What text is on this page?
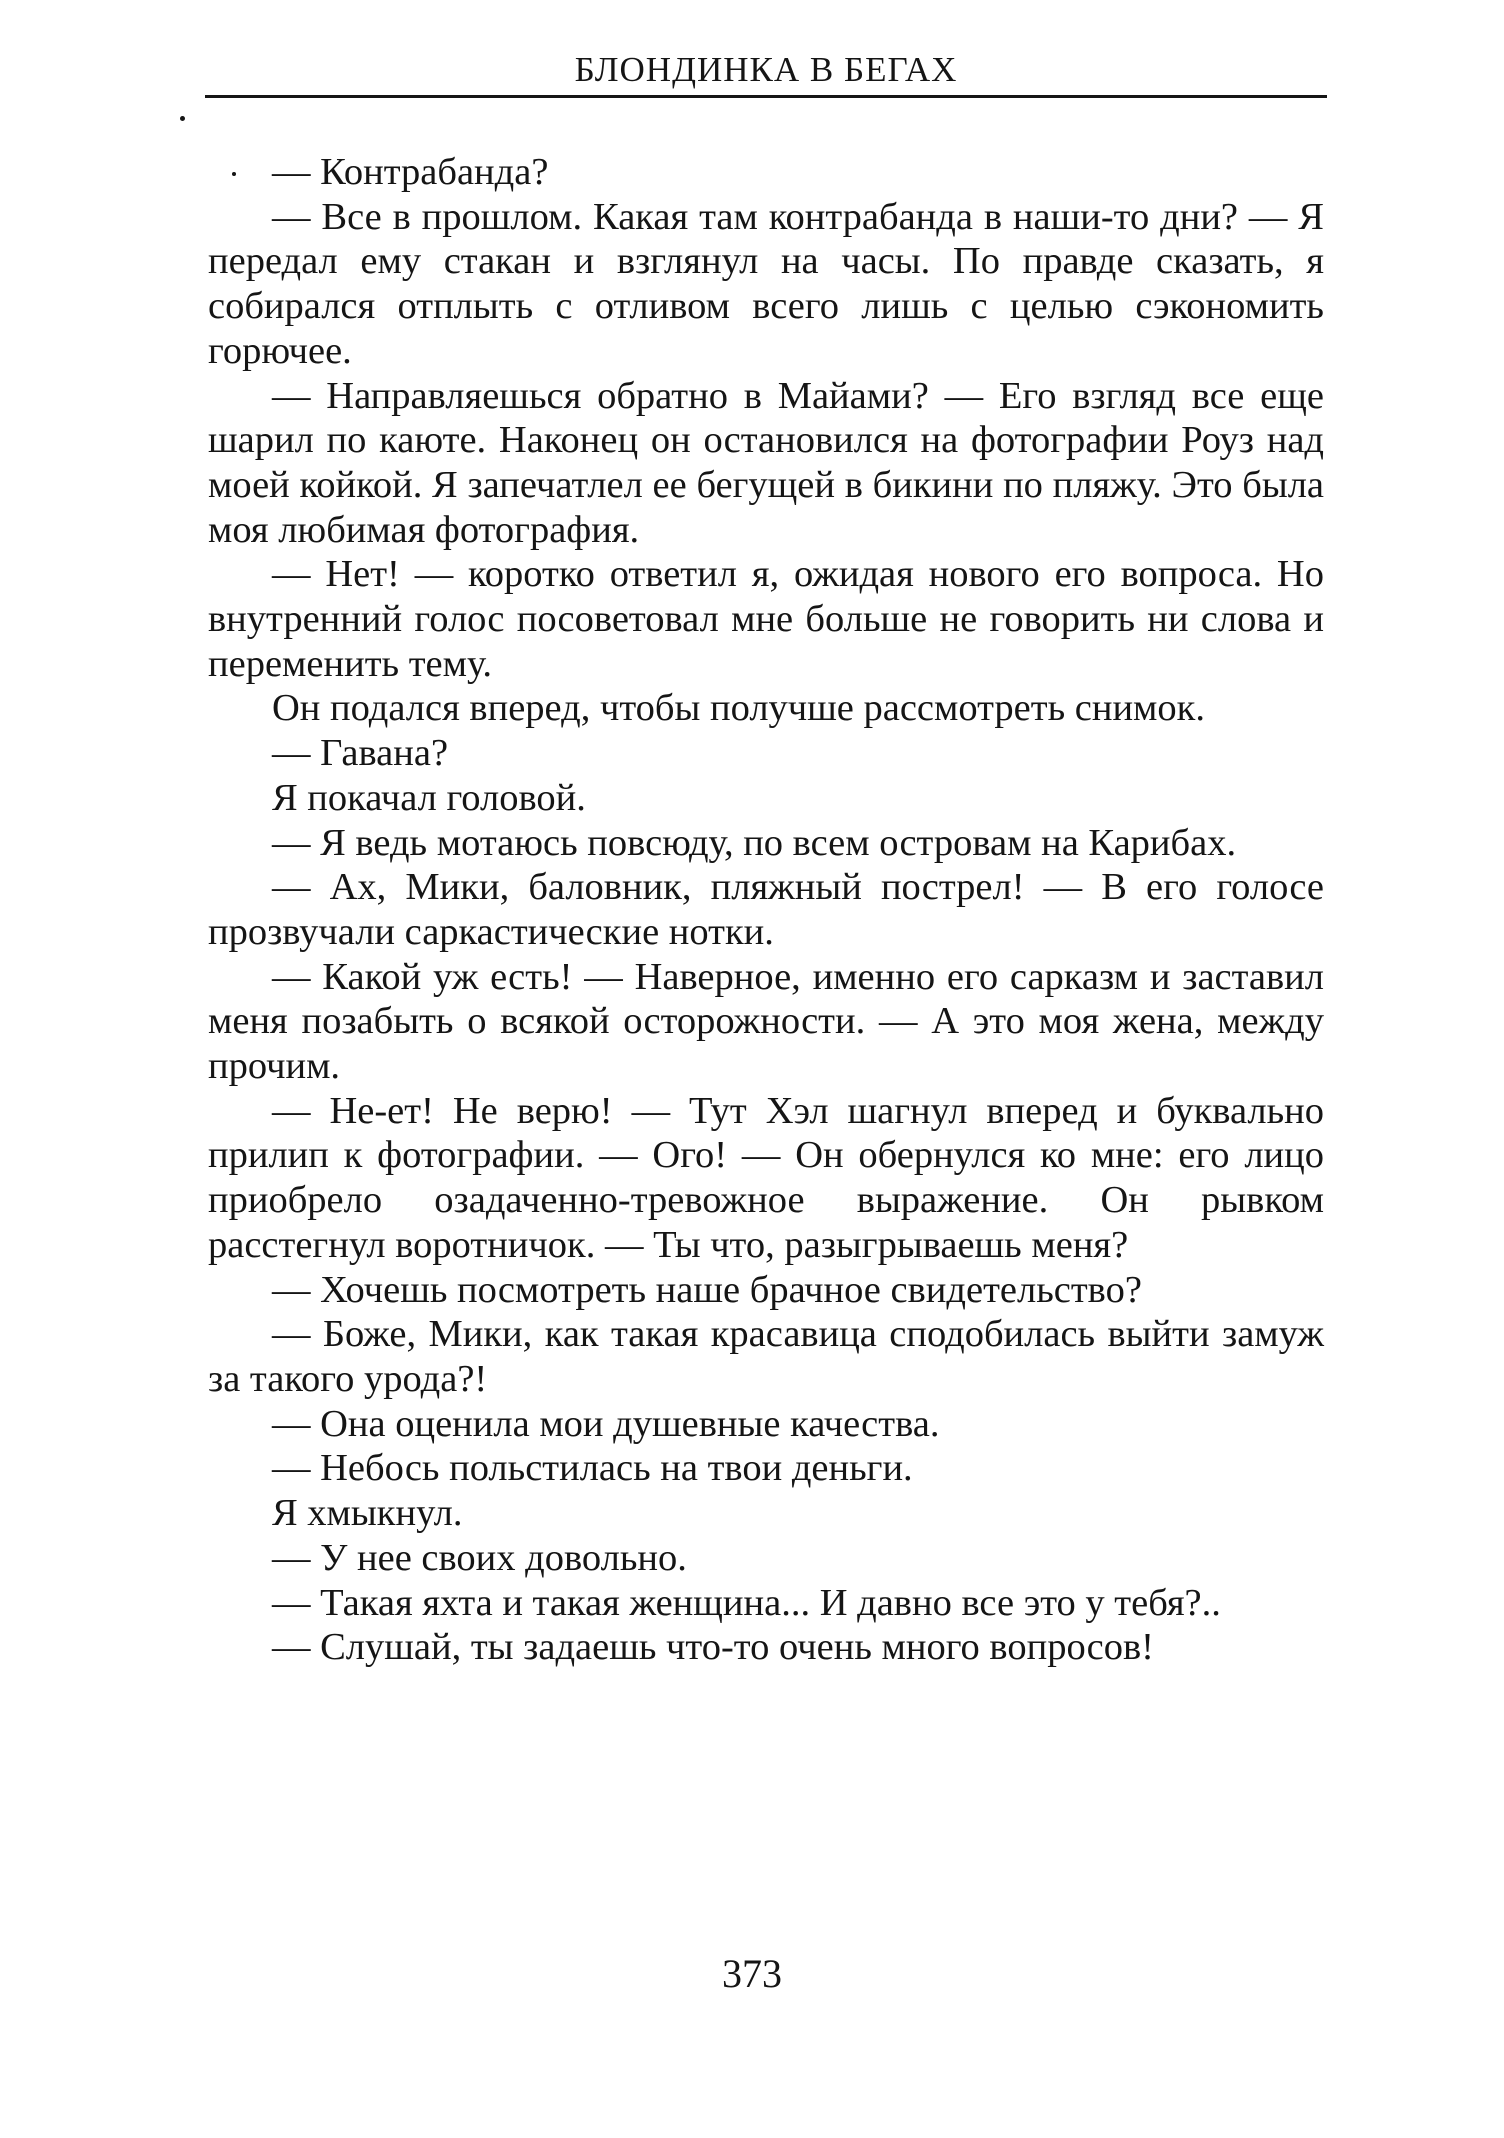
БЛОНДИНКА В БЕГАХ

— Контрабанда?

— Все в прошлом. Какая там контрабанда в наши-то дни? — Я передал ему стакан и взглянул на часы. По правде сказать, я собирался отплыть с отливом всего лишь с целью сэкономить горючее.

— Направляешься обратно в Майами? — Его взгляд все еще шарил по каюте. Наконец он остановился на фотографии Роуз над моей койкой. Я запечатлел ее бегущей в бикини по пляжу. Это была моя любимая фотография.

— Нет! — коротко ответил я, ожидая нового его вопроса. Но внутренний голос посоветовал мне больше не говорить ни слова и переменить тему.

Он подался вперед, чтобы получше рассмотреть снимок.

— Гавана?

Я покачал головой.

— Я ведь мотаюсь повсюду, по всем островам на Карибах.

— Ах, Мики, баловник, пляжный пострел! — В его голосе прозвучали саркастические нотки.

— Какой уж есть! — Наверное, именно его сарказм и заставил меня позабыть о всякой осторожности. — А это моя жена, между прочим.

— Не-ет! Не верю! — Тут Хэл шагнул вперед и буквально прилип к фотографии. — Ого! — Он обернулся ко мне: его лицо приобрело озадаченно-тревожное выражение. Он рывком расстегнул воротничок. — Ты что, разыгрываешь меня?

— Хочешь посмотреть наше брачное свидетельство?

— Боже, Мики, как такая красавица сподобилась выйти замуж за такого урода?!

— Она оценила мои душевные качества.

— Небось польстилась на твои деньги.

Я хмыкнул.

— У нее своих довольно.

— Такая яхта и такая женщина... И давно все это у тебя?..

— Слушай, ты задаешь что-то очень много вопросов!

373
